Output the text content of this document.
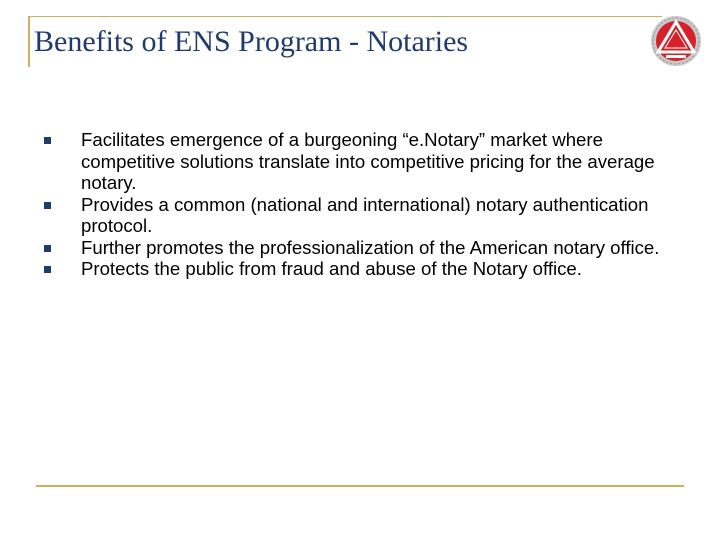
Benefits of ENS Program - Notaries
Facilitates emergence of a burgeoning “e.Notary” market where competitive solutions translate into competitive pricing for the average notary.
Provides a common (national and international) notary authentication protocol.
Further promotes the professionalization of the American notary office.
Protects the public from fraud and abuse of the Notary office.
